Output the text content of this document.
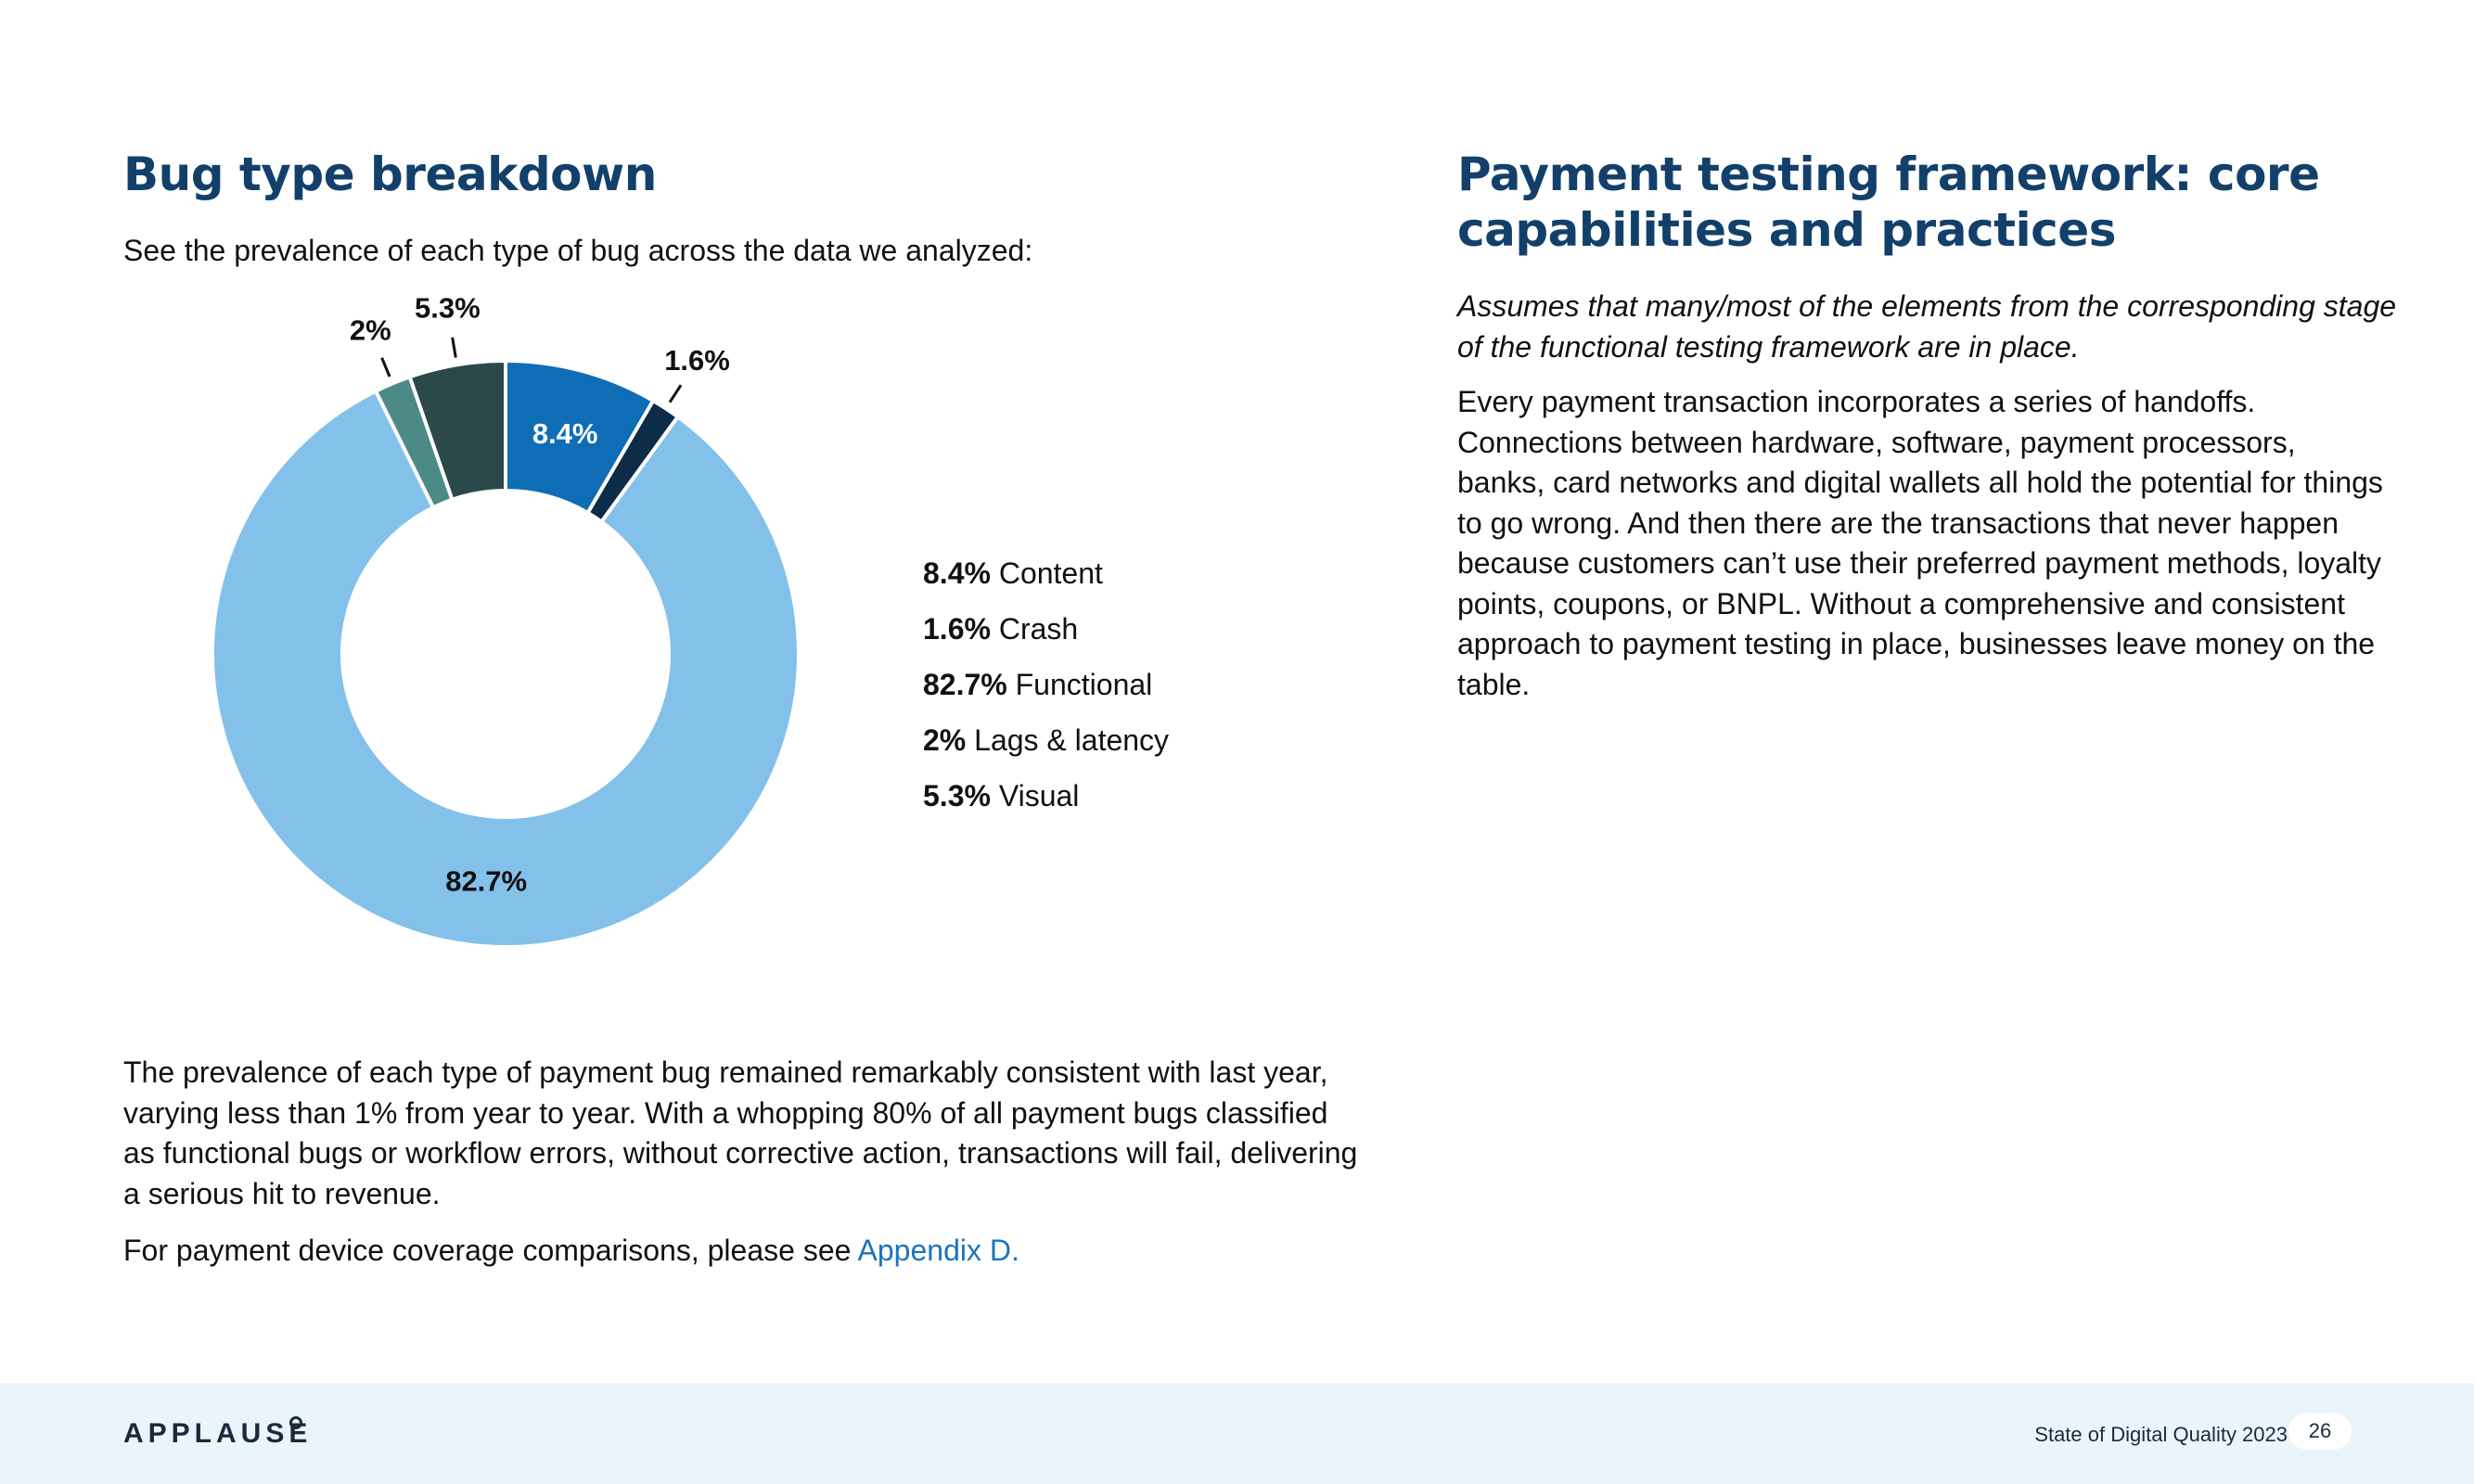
Bug type breakdown

See the prevalence of each type of bug across the data we analyzed:

8.4%
1.6%
82.7%
2%
5.3%
8.4% Content
1.6% Crash
82.7% Functional
2% Lags & latency
5.3% Visual

The prevalence of each type of payment bug remained remarkably consistent with last year, varying less than 1% from year to year. With a whopping 80% of all payment bugs classified as functional bugs or workflow errors, without corrective action, transactions will fail, delivering a serious hit to revenue.

For payment device coverage comparisons, please see Appendix D.

Payment testing framework: core capabilities and practices

Assumes that many/most of the elements from the corresponding stage of the functional testing framework are in place.

Every payment transaction incorporates a series of handoffs. Connections between hardware, software, payment processors, banks, card networks and digital wallets all hold the potential for things to go wrong. And then there are the transactions that never happen because customers can’t use their preferred payment methods, loyalty points, coupons, or BNPL. Without a comprehensive and consistent approach to payment testing in place, businesses leave money on the table.

APPLAUSE	State of Digital Quality 2023	26
